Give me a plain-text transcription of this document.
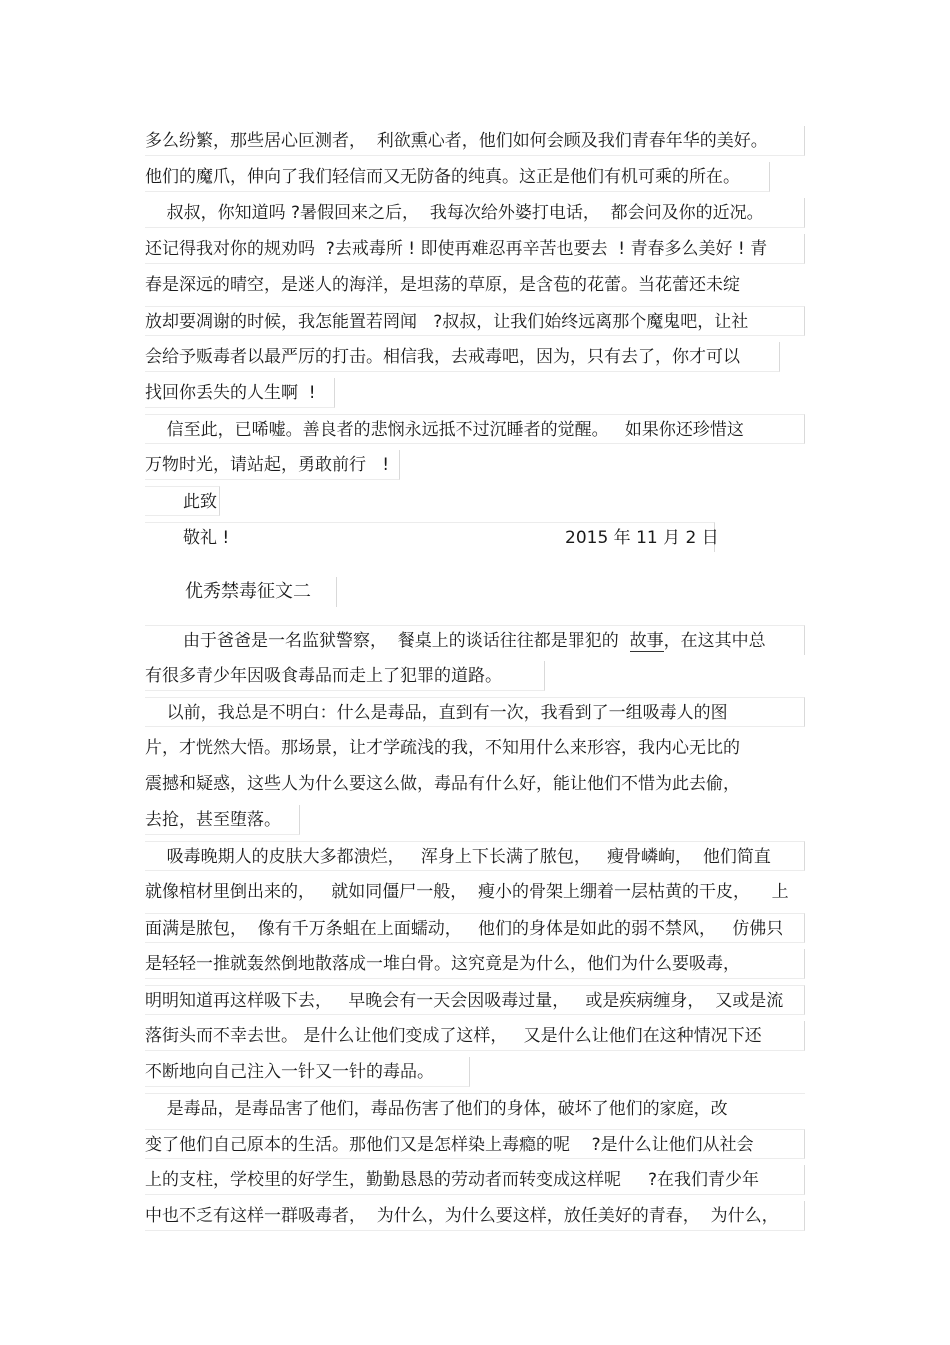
多么纷繁，那些居心叵测者，  利欲熏心者，他们如何会顾及我们青春年华的美好。
他们的魔爪，伸向了我们轻信而又无防备的纯真。这正是他们有机可乘的所在。
叔叔，你知道吗 ?暑假回来之后，  我每次给外婆打电话，  都会问及你的近况。
还记得我对你的规劝吗  ?去戒毒所 ! 即使再难忍再辛苦也要去  ! 青春多么美好 ! 青
春是深远的晴空，是迷人的海洋，是坦荡的草原，是含苞的花蕾。当花蕾还未绽
放却要凋谢的时候，我怎能置若罔闻   ?叔叔，让我们始终远离那个魔鬼吧，让社
会给予贩毒者以最严厉的打击。相信我，去戒毒吧，因为，只有去了，你才可以
找回你丢失的人生啊  !
信至此，已唏嘘。善良者的悲悯永远抵不过沉睡者的觉醒。   如果你还珍惜这
万物时光，请站起，勇敢前行   !
此致

敬礼 !

	2015 年 11 月 2 日

优秀禁毒征文二

由于爸爸是一名监狱警察，  餐桌上的谈话往往都是罪犯的  故事，在这其中总

有很多青少年因吸食毒品而走上了犯罪的道路。
以前，我总是不明白：什么是毒品，直到有一次，我看到了一组吸毒人的图
片，才恍然大悟。那场景，让才学疏浅的我，不知用什么来形容，我内心无比的
震撼和疑惑，这些人为什么要这么做，毒品有什么好，能让他们不惜为此去偷，
去抢，甚至堕落。
吸毒晚期人的皮肤大多都溃烂，   浑身上下长满了脓包，   瘦骨嶙峋，  他们简直
就像棺材里倒出来的，   就如同僵尸一般，  瘦小的骨架上绷着一层枯黄的干皮，    上
面满是脓包，  像有千万条蛆在上面蠕动，   他们的身体是如此的弱不禁风，   仿佛只
是轻轻一推就轰然倒地散落成一堆白骨。这究竟是为什么，他们为什么要吸毒，
明明知道再这样吸下去，   早晚会有一天会因吸毒过量，   或是疾病缠身，  又或是流
落街头而不幸去世。 是什么让他们变成了这样，   又是什么让他们在这种情况下还
不断地向自己注入一针又一针的毒品。
是毒品，是毒品害了他们，毒品伤害了他们的身体，破坏了他们的家庭，改
变了他们自己原本的生活。那他们又是怎样染上毒瘾的呢    ?是什么让他们从社会
上的支柱，学校里的好学生，勤勤恳恳的劳动者而转变成这样呢     ?在我们青少年
中也不乏有这样一群吸毒者，  为什么，为什么要这样，放任美好的青春，  为什么，
